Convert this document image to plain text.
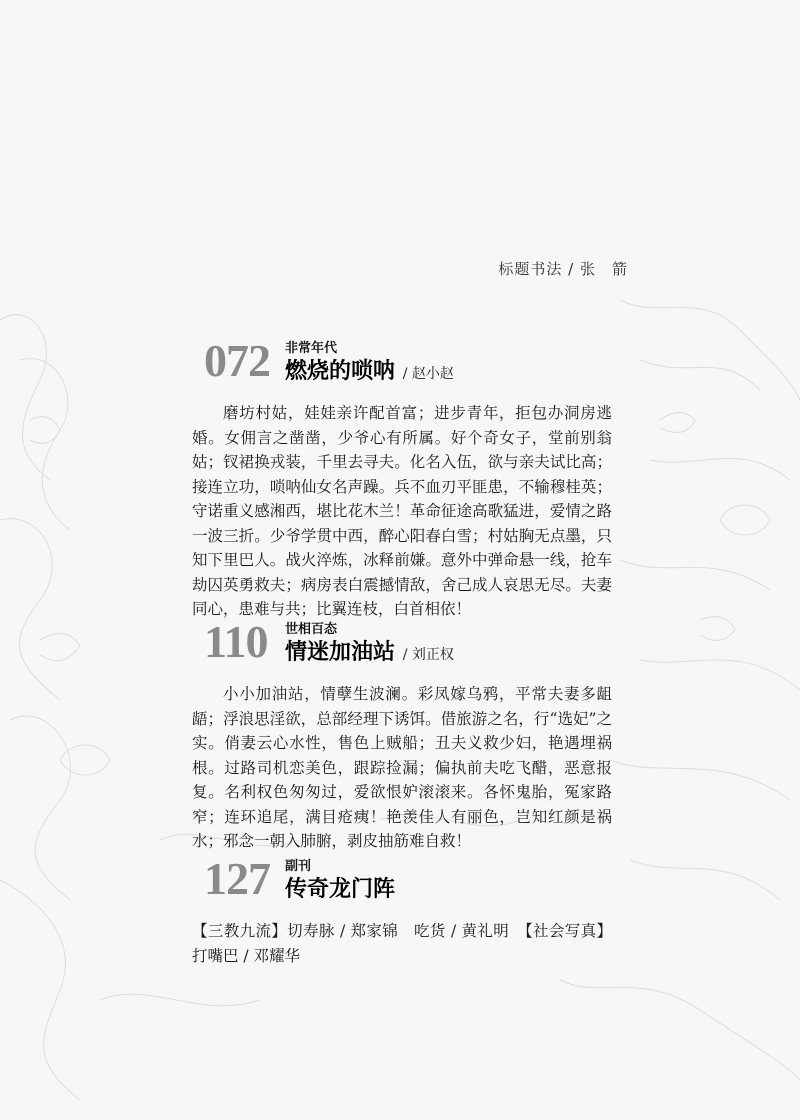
标题书法 / 张　箭
072 非常年代
燃烧的唢呐 / 赵小赵
磨坊村姑，娃娃亲许配首富；进步青年，拒包办洞房逃婚。女佣言之凿凿，少爷心有所属。好个奇女子，堂前别翁姑；钗裙换戎装，千里去寻夫。化名入伍，欲与亲夫试比高；接连立功，唢呐仙女名声躁。兵不血刃平匪患，不输穆桂英；守诺重义感湘西，堪比花木兰！革命征途高歌猛进，爱情之路一波三折。少爷学贯中西，醉心阳春白雪；村姑胸无点墨，只知下里巴人。战火淬炼，冰释前嫌。意外中弹命悬一线，抢车劫囚英勇救夫；病房表白震撼情敌，舍己成人哀思无尽。夫妻同心，患难与共；比翼连枝，白首相依！
110 世相百态
情迷加油站 / 刘正权
小小加油站，情孽生波澜。彩凤嫁乌鸦，平常夫妻多龃龉；浮浪思淫欲，总部经理下诱饵。借旅游之名，行“选妃”之实。俏妻云心水性，售色上贼船；丑夫义救少妇，艳遇埋祸根。过路司机恋美色，跟踪捡漏；偏执前夫吃飞醋，恶意报复。名利权色匆匆过，爱欲恨妒滚滚来。各怀鬼胎，冤家路窄；连环追尾，满目疮痍！艳羡佳人有丽色，岂知红颜是祸水；邪念一朝入肺腑，剥皮抽筋难自救！
127 副刊
传奇龙门阵
【三教九流】切寿脉 / 郑家锦　吃货 / 黄礼明　【社会写真】打嘴巴 / 邓耀华
